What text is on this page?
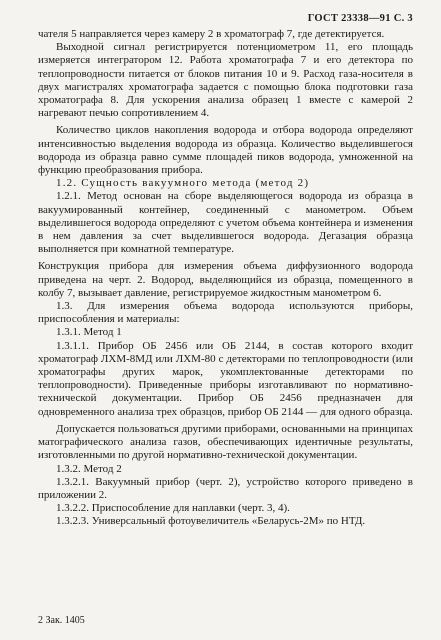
ГОСТ 23338—91 С. 3

чателя 5 направляется через камеру 2 в хроматограф 7, где детектируется.

Выходной сигнал регистрируется потенциометром 11, его площадь измеряется интегратором 12. Работа хроматографа 7 и его детектора по теплопроводности питается от блоков питания 10 и 9. Расход газа-носителя в двух магистралях хроматографа задается с помощью блока подготовки газа хроматографа 8. Для ускорения анализа образец 1 вместе с камерой 2 нагревают печью сопротивлением 4.

Количество циклов накопления водорода и отбора водорода определяют интенсивностью выделения водорода из образца. Количество выделившегося водорода из образца равно сумме площадей пиков водорода, умноженной на функцию преобразования прибора.

1.2. Сущность вакуумного метода (метод 2)

1.2.1. Метод основан на сборе выделяющегося водорода из образца в вакуумированный контейнер, соединенный с манометром. Объем выделившегося водорода определяют с учетом объема контейнера и изменения в нем давления за счет выделившегося водорода. Дегазация образца выполняется при комнатной температуре.

Конструкция прибора для измерения объема диффузионного водорода приведена на черт. 2. Водород, выделяющийся из образца, помещенного в колбу 7, вызывает давление, регистрируемое жидкостным манометром 6.

1.3. Для измерения объема водорода используются приборы, приспособления и материалы:

1.3.1. Метод 1

1.3.1.1. Прибор ОБ 2456 или ОБ 2144, в состав которого входит хроматограф ЛХМ-8МД или ЛХМ-80 с детекторами по теплопроводности (или хроматографы других марок, укомплектованные детекторами по теплопроводности). Приведенные приборы изготавливают по нормативно-технической документации. Прибор ОБ 2456 предназначен для одновременного анализа трех образцов, прибор ОБ 2144 — для одного образца.

Допускается пользоваться другими приборами, основанными на принципах матографического анализа газов, обеспечивающих идентичные результаты, изготовленными по другой нормативно-технической документации.

1.3.2. Метод 2

1.3.2.1. Вакуумный прибор (черт. 2), устройство которого приведено в приложении 2.

1.3.2.2. Приспособление для наплавки (черт. 3, 4).

1.3.2.3. Универсальный фотоувеличитель «Беларусь-2М» по НТД.

2 Зак. 1405
